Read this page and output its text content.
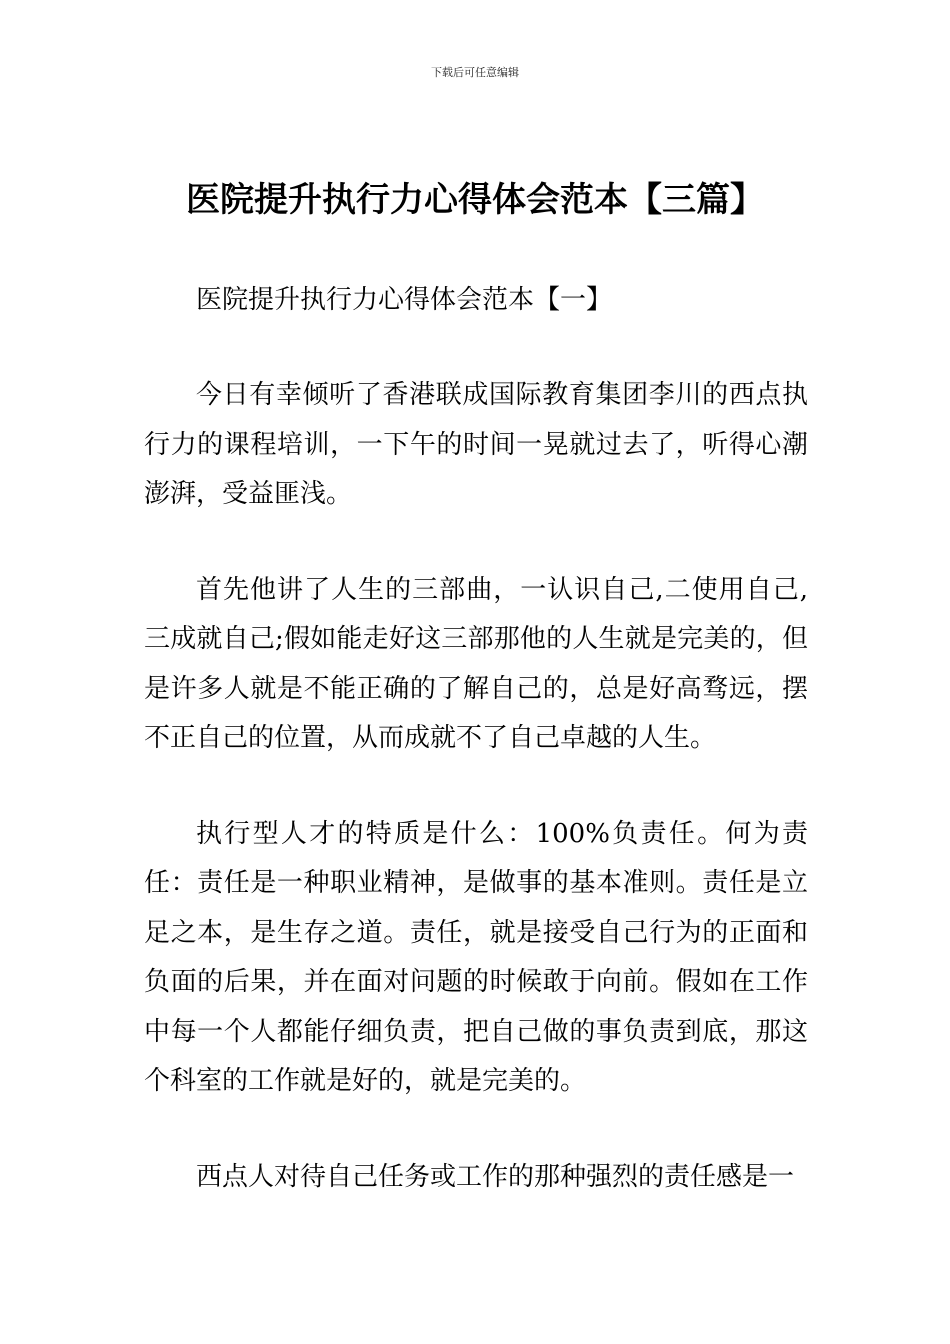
下载后可任意编辑
医院提升执行力心得体会范本【三篇】

医院提升执行力心得体会范本【一】

今日有幸倾听了香港联成国际教育集团李川的西点执行力的课程培训，一下午的时间一晃就过去了，听得心潮澎湃，受益匪浅。

首先他讲了人生的三部曲，一认识自己,二使用自己,三成就自己;假如能走好这三部那他的人生就是完美的，但是许多人就是不能正确的了解自己的，总是好高骛远，摆不正自己的位置，从而成就不了自己卓越的人生。

执行型人才的特质是什么：100%负责任。何为责任：责任是一种职业精神，是做事的基本准则。责任是立足之本，是生存之道。责任，就是接受自己行为的正面和负面的后果，并在面对问题的时候敢于向前。假如在工作中每一个人都能仔细负责，把自己做的事负责到底，那这个科室的工作就是好的，就是完美的。

西点人对待自己任务或工作的那种强烈的责任感是一
